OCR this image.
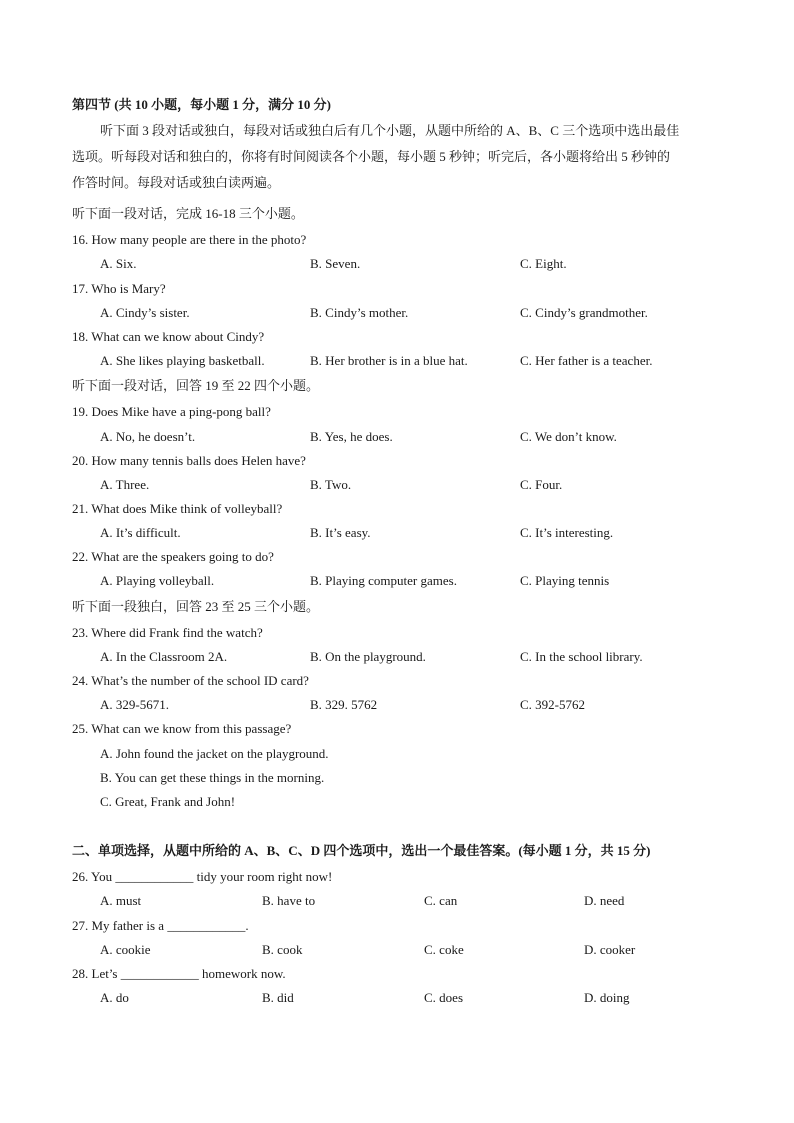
第四节 (共 10 小题，每小题 1 分，满分 10 分)
听下面 3 段对话或独白，每段对话或独白后有几个小题，从题中所给的 A、B、C 三个选项中选出最佳
选项。听每段对话和独白的，你将有时间阅读各个小题，每小题 5 秒钟；听完后，各小题将给出 5 秒钟的
作答时间。每段对话或独白读两遍。
听下面一段对话，完成 16-18 三个小题。
16. How many people are there in the photo?
A. Six.	B. Seven.	C. Eight.
17. Who is Mary?
A. Cindy’s sister.	B. Cindy’s mother.	C. Cindy’s grandmother.
18. What can we know about Cindy?
A. She likes playing basketball.	B. Her brother is in a blue hat.	C. Her father is a teacher.
听下面一段对话，回答 19 至 22 四个小题。
19. Does Mike have a ping-pong ball?
A. No, he doesn’t.	B. Yes, he does.	C. We don’t know.
20. How many tennis balls does Helen have?
A. Three.	B. Two.	C. Four.
21. What does Mike think of volleyball?
A. It’s difficult.	B. It’s easy.	C. It’s interesting.
22. What are the speakers going to do?
A. Playing volleyball.	B. Playing computer games.	C. Playing tennis
听下面一段独白，回答 23 至 25 三个小题。
23. Where did Frank find the watch?
A. In the Classroom 2A.	B. On the playground.	C. In the school library.
24. What’s the number of the school ID card?
A. 329-5671.	B. 329. 5762	C. 392-5762
25. What can we know from this passage?
A. John found the jacket on the playground.
B. You can get these things in the morning.
C. Great, Frank and John!
二、单项选择，从题中所给的 A、B、C、D 四个选项中，选出一个最佳答案。(每小题 1 分，共 15 分)
26. You ____________ tidy your room right now!
A. must	B. have to	C. can	D. need
27. My father is a ____________.
A. cookie	B. cook	C. coke	D. cooker
28. Let’s ____________ homework now.
A. do	B. did	C. does	D. doing
